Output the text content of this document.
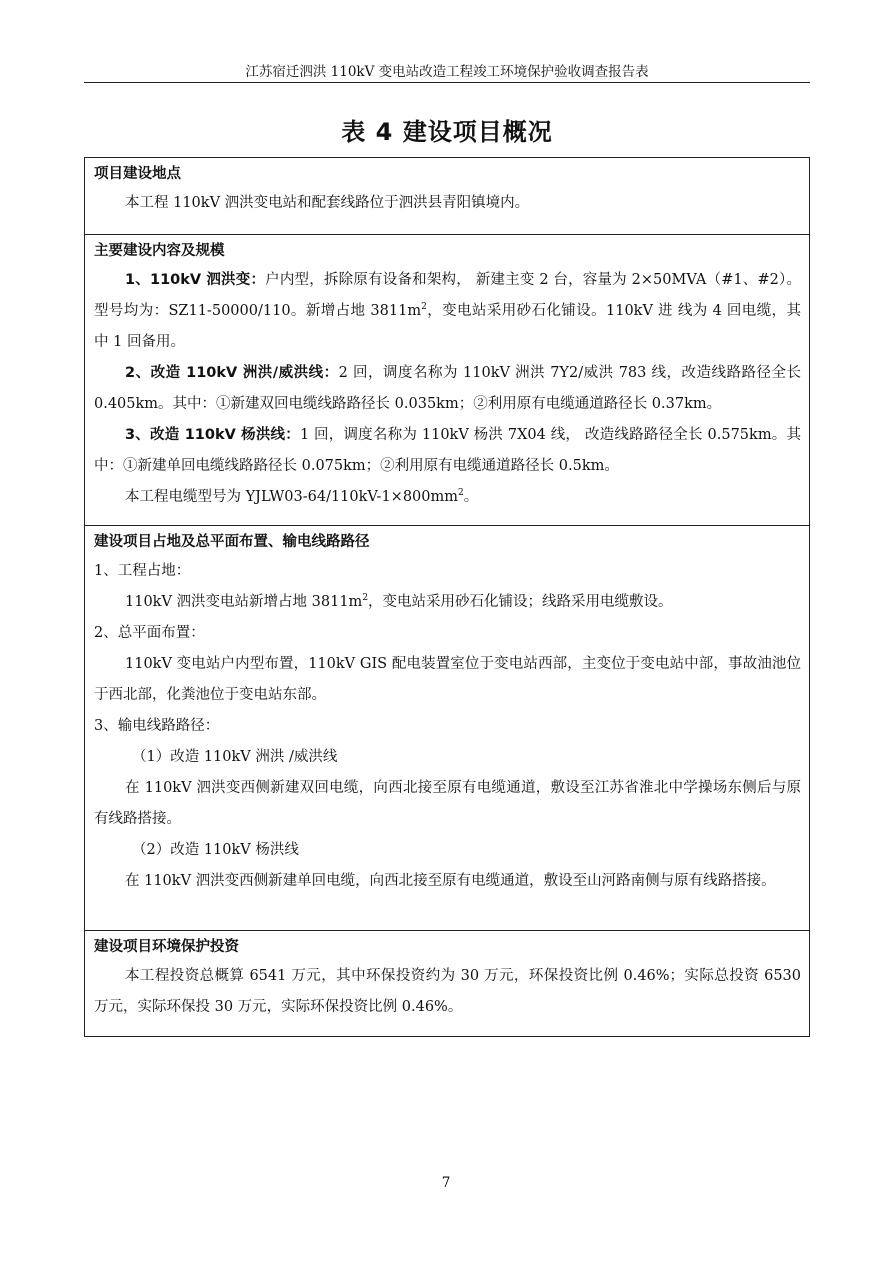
江苏宿迁泗洪 110kV 变电站改造工程竣工环境保护验收调查报告表
表 4 建设项目概况
项目建设地点
本工程 110kV 泗洪变电站和配套线路位于泗洪县青阳镇境内。
主要建设内容及规模
1、110kV 泗洪变：户内型，拆除原有设备和架构， 新建主变 2 台，容量为 2×50MVA（#1、#2）。型号均为：SZ11-50000/110。新增占地 $3811m^2$，变电站采用砂石化铺设。110kV 进 线为 4 回电缆，其中 1 回备用。
2、改造 110kV 洲洪/威洪线：2 回，调度名称为 110kV 洲洪 7Y2/威洪 783 线，改造线路路径全长 0.405km。其中：①新建双回电缆线路路径长 0.035km；②利用原有电缆通道路径长 0.37km。
3、改造 110kV 杨洪线：1 回，调度名称为 110kV 杨洪 7X04 线， 改造线路路径全长 0.575km。其中：①新建单回电缆线路路径长 0.075km；②利用原有电缆通道路径长 0.5km。
本工程电缆型号为 $YJLW03-64/110kV-1\times 800mm^2$。
建设项目占地及总平面布置、输电线路路径
1、工程占地：
110kV 泗洪变电站新增占地 $3811m^2$，变电站采用砂石化铺设；线路采用电缆敷设。
2、总平面布置：
110kV 变电站户内型布置，110kV GIS 配电装置室位于变电站西部，主变位于变电站中部，事故油池位于西北部，化粪池位于变电站东部。
3、输电线路路径：
（1）改造 110kV 洲洪 /威洪线
在 110kV 泗洪变西侧新建双回电缆，向西北接至原有电缆通道，敷设至江苏省淮北中学操场东侧后与原有线路搭接。
（2）改造 110kV 杨洪线
在 110kV 泗洪变西侧新建单回电缆，向西北接至原有电缆通道，敷设至山河路南侧与原有线路搭接。
建设项目环境保护投资
本工程投资总概算 6541 万元，其中环保投资约为 30 万元，环保投资比例 0.46%；实际总投资 6530 万元，实际环保投 30 万元，实际环保投资比例 0.46%。
7
